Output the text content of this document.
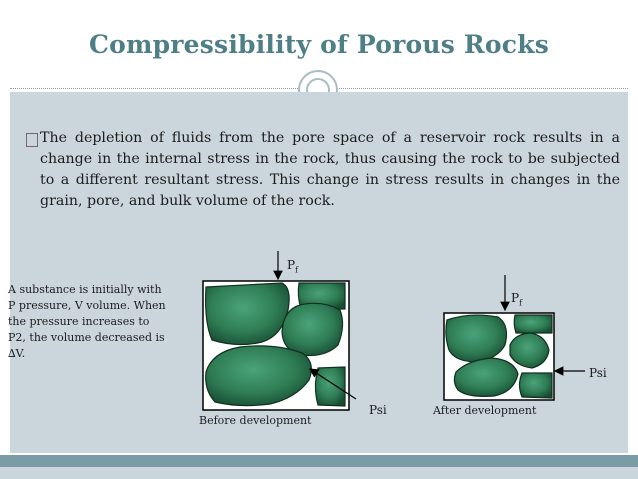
Compressibility of Porous Rocks
The depletion of fluids from the pore space of a reservoir rock results in a change in the internal stress in the rock, thus causing the rock to be subjected to a different resultant stress. This change in stress results in changes in the grain, pore, and bulk volume of the rock.
A substance is initially with P pressure, V volume. When the pressure increases to P2, the volume decreased is ∆V.
$P_f$
$P_f$
Psi
Psi
Before development
After development
